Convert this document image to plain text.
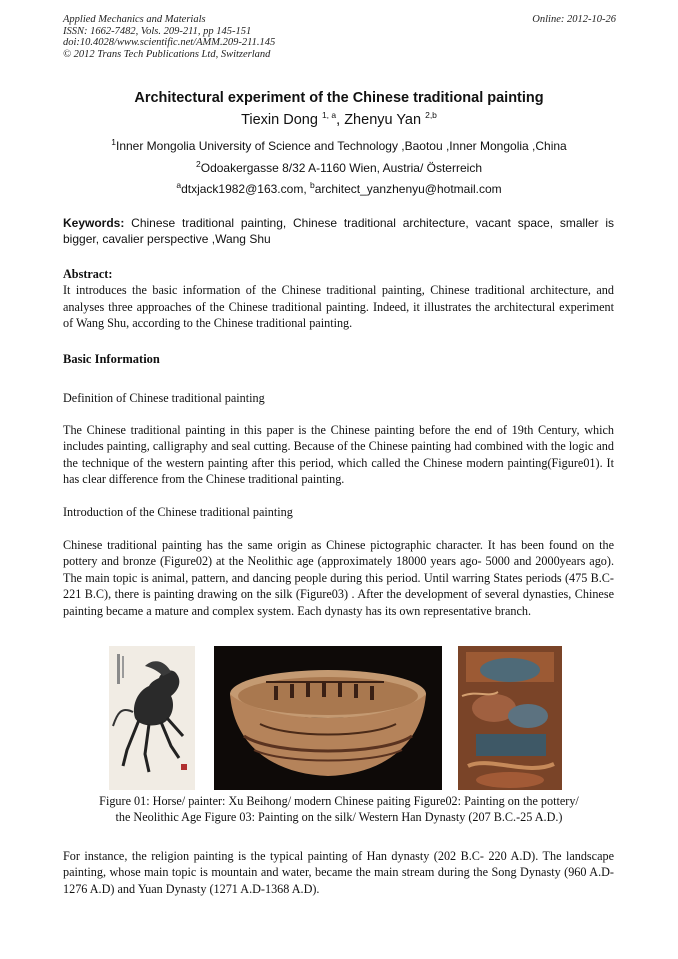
Applied Mechanics and Materials
ISSN: 1662-7482, Vols. 209-211, pp 145-151
doi:10.4028/www.scientific.net/AMM.209-211.145
© 2012 Trans Tech Publications Ltd, Switzerland
Online: 2012-10-26
Architectural experiment of the Chinese traditional painting
Tiexin Dong $^{1, a}$, Zhenyu Yan $^{2,b}$
$^1$Inner Mongolia University of Science and Technology ,Baotou ,Inner Mongolia ,China
$^2$Odoakergasse 8/32 A-1160 Wien, Austria/ Österreich
$^a$dtxjack1982@163.com, $^b$architect_yanzhenyu@hotmail.com
Keywords: Chinese traditional painting, Chinese traditional architecture, vacant space, smaller is bigger, cavalier perspective ,Wang Shu
Abstract:
It introduces the basic information of the Chinese traditional painting, Chinese traditional architecture, and analyses three approaches of the Chinese traditional painting. Indeed, it illustrates the architectural experiment of Wang Shu, according to the Chinese traditional painting.
Basic Information
Definition of Chinese traditional painting
The Chinese traditional painting in this paper is the Chinese painting before the end of 19th Century, which includes painting, calligraphy and seal cutting. Because of the Chinese painting had combined with the logic and the technique of the western painting after this period, which called the Chinese modern painting(Figure01). It has clear difference from the Chinese traditional painting.
Introduction of the Chinese traditional painting
Chinese traditional painting has the same origin as Chinese pictographic character. It has been found on the pottery and bronze (Figure02) at the Neolithic age (approximately 18000 years ago- 5000 and 2000years ago). The main topic is animal, pattern, and dancing people during this period. Until warring States periods (475 B.C-221 B.C), there is painting drawing on the silk (Figure03) . After the development of several dynasties, Chinese painting became a mature and complex system. Each dynasty has its own representative branch.
Figure 01: Horse/ painter: Xu Beihong/ modern Chinese paiting Figure02: Painting on the pottery/
the Neolithic Age Figure 03: Painting on the silk/ Western Han Dynasty (207 B.C.-25 A.D.)
For instance, the religion painting is the typical painting of Han dynasty (202 B.C- 220 A.D). The landscape painting, whose main topic is mountain and water, became the main stream during the Song Dynasty (960 A.D-1276 A.D) and Yuan Dynasty (1271 A.D-1368 A.D).
